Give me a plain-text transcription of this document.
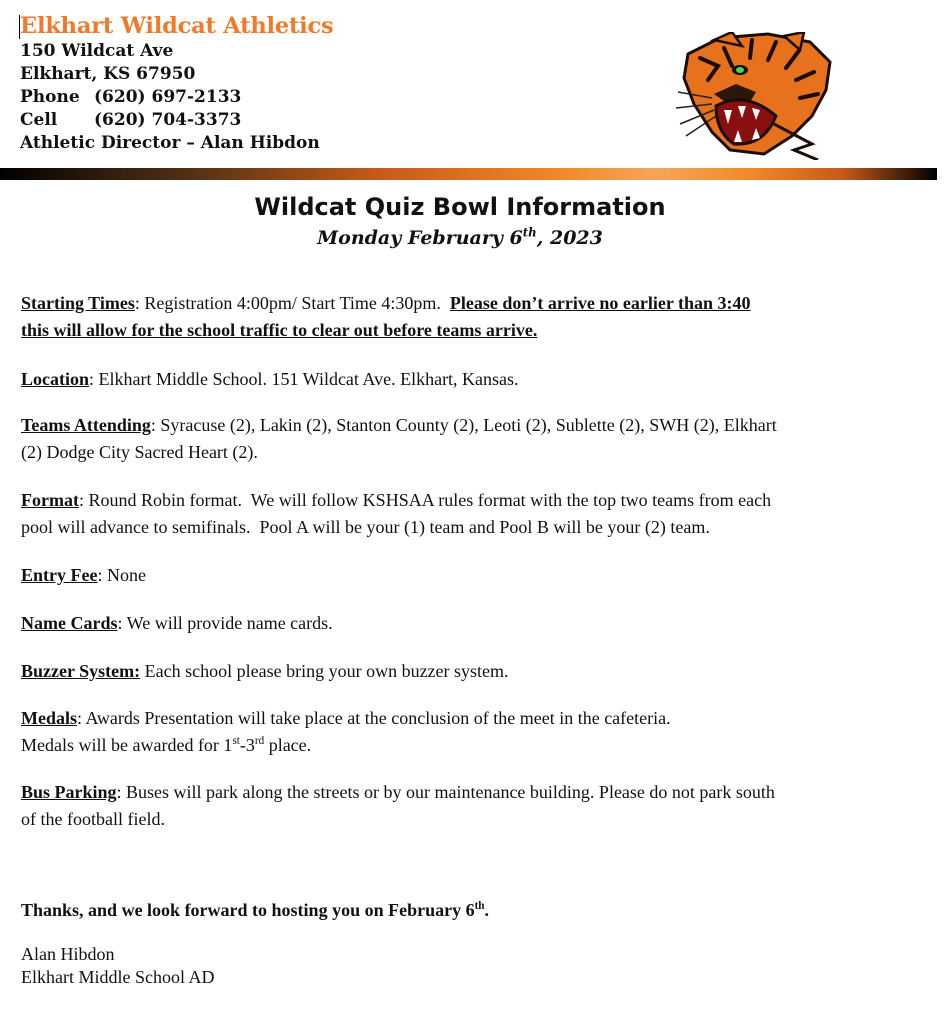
Elkhart Wildcat Athletics
150 Wildcat Ave
Elkhart, KS 67950
Phone (620) 697-2133
Cell (620) 704-3373
Athletic Director – Alan Hibdon
Wildcat Quiz Bowl Information
Monday February 6th, 2023
Starting Times: Registration 4:00pm/ Start Time 4:30pm.  Please don’t arrive no earlier than 3:40
this will allow for the school traffic to clear out before teams arrive.
Location: Elkhart Middle School. 151 Wildcat Ave. Elkhart, Kansas.
Teams Attending: Syracuse (2), Lakin (2), Stanton County (2), Leoti (2), Sublette (2), SWH (2), Elkhart
(2) Dodge City Sacred Heart (2).
Format: Round Robin format.  We will follow KSHSAA rules format with the top two teams from each
pool will advance to semifinals.  Pool A will be your (1) team and Pool B will be your (2) team.
Entry Fee: None
Name Cards: We will provide name cards.
Buzzer System: Each school please bring your own buzzer system.
Medals: Awards Presentation will take place at the conclusion of the meet in the cafeteria.
Medals will be awarded for 1st-3rd place.
Bus Parking: Buses will park along the streets or by our maintenance building. Please do not park south
of the football field.
Thanks, and we look forward to hosting you on February 6th.
Alan Hibdon
Elkhart Middle School AD
